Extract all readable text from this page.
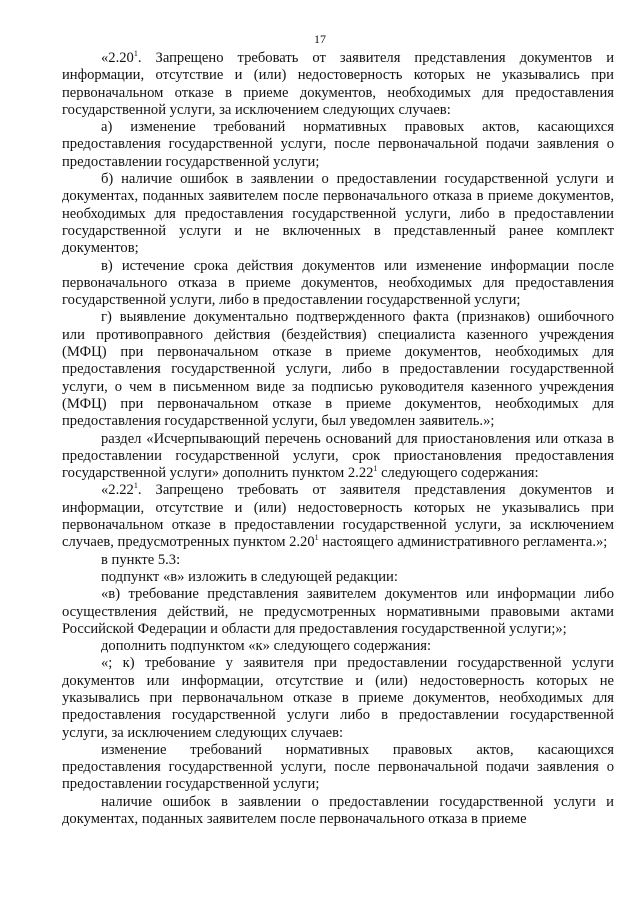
17

«2.20$^1$. Запрещено требовать от заявителя представления документов и информации, отсутствие и (или) недостоверность которых не указывались при первоначальном отказе в приеме документов, необходимых для предоставления государственной услуги, за исключением следующих случаев:

а) изменение требований нормативных правовых актов, касающихся предоставления государственной услуги, после первоначальной подачи заявления о предоставлении государственной услуги;

б) наличие ошибок в заявлении о предоставлении государственной услуги и документах, поданных заявителем после первоначального отказа в приеме документов, необходимых для предоставления государственной услуги, либо в предоставлении государственной услуги и не включенных в представленный ранее комплект документов;

в) истечение срока действия документов или изменение информации после первоначального отказа в приеме документов, необходимых для предоставления государственной услуги, либо в предоставлении государственной услуги;

г) выявление документально подтвержденного факта (признаков) ошибочного или противоправного действия (бездействия) специалиста казенного учреждения (МФЦ) при первоначальном отказе в приеме документов, необходимых для предоставления государственной услуги, либо в предоставлении государственной услуги, о чем в письменном виде за подписью руководителя казенного учреждения (МФЦ) при первоначальном отказе в приеме документов, необходимых для предоставления государственной услуги, был уведомлен заявитель.»;

раздел «Исчерпывающий перечень оснований для приостановления или отказа в предоставлении государственной услуги, срок приостановления предоставления государственной услуги» дополнить пунктом 2.22$^1$ следующего содержания:

«2.22$^1$. Запрещено требовать от заявителя представления документов и информации, отсутствие и (или) недостоверность которых не указывались при первоначальном отказе в предоставлении государственной услуги, за исключением случаев, предусмотренных пунктом 2.20$^1$ настоящего административного регламента.»;

в пункте 5.3:

подпункт «в» изложить в следующей редакции:

«в) требование представления заявителем документов или информации либо осуществления действий, не предусмотренных нормативными правовыми актами Российской Федерации и области для предоставления государственной услуги;»;

дополнить подпунктом «к» следующего содержания:

«; к) требование у заявителя при предоставлении государственной услуги документов или информации, отсутствие и (или) недостоверность которых не указывались при первоначальном отказе в приеме документов, необходимых для предоставления государственной услуги либо в предоставлении государственной услуги, за исключением следующих случаев:

изменение требований нормативных правовых актов, касающихся предоставления государственной услуги, после первоначальной подачи заявления о предоставлении государственной услуги;

наличие ошибок в заявлении о предоставлении государственной услуги и документах, поданных заявителем после первоначального отказа в приеме
